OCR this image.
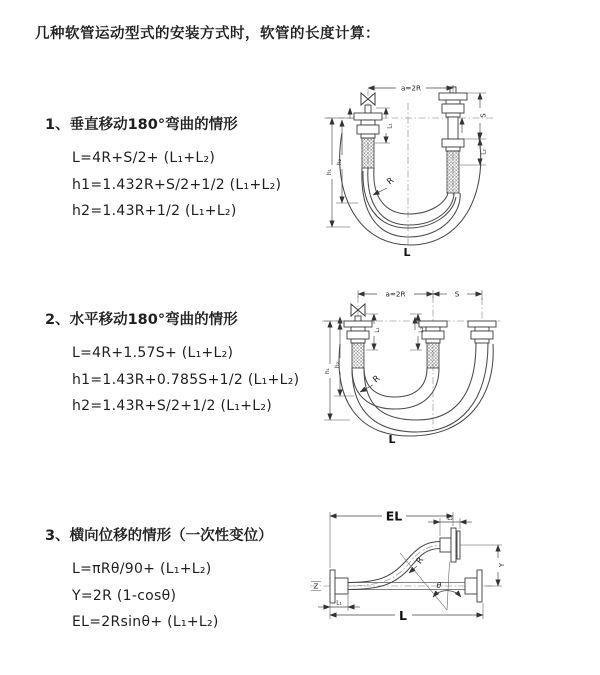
几种软管运动型式的安装方式时，软管的长度计算：
1、垂直移动180°弯曲的情形
L=4R+S/2+ (L₁+L₂)
h1=1.432R+S/2+1/2 (L₁+L₂)
h2=1.43R+1/2 (L₁+L₂)
2、水平移动180°弯曲的情形
L=4R+1.57S+ (L₁+L₂)
h1=1.43R+0.785S+1/2 (L₁+L₂)
h2=1.43R+S/2+1/2 (L₁+L₂)
3、横向位移的情形（一次性变位）
L=πRθ/90+ (L₁+L₂)
Y=2R (1-cosθ)
EL=2Rsinθ+ (L₁+L₂)
a=2R
L₁
S
L₂
h₁
h₂
R
L
a=2R	S
L₁	L₂
h₁
h₂
R
L
Z
EL	L₂
Y
L
L₁
R
θ
